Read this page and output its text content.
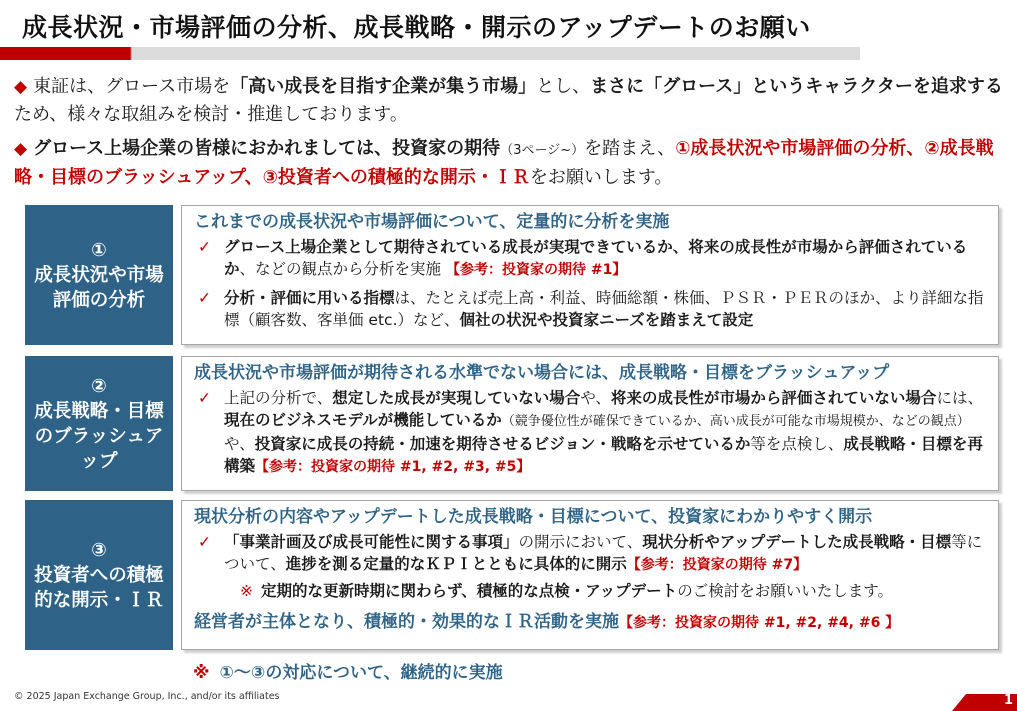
成長状況・市場評価の分析、成長戦略・開示のアップデートのお願い
◆ 東証は、グロース市場を「高い成長を目指す企業が集う市場」とし、まさに「グロース」というキャラクターを追求するため、様々な取組みを検討・推進しております。
◆ グロース上場企業の皆様におかれましては、投資家の期待（3ページ~）を踏まえ、①成長状況や市場評価の分析、②成長戦略・目標のブラッシュアップ、③投資者への積極的な開示・ＩＲをお願いします。
①
成長状況や市場評価の分析
これまでの成長状況や市場評価について、定量的に分析を実施
✓ グロース上場企業として期待されている成長が実現できているか、将来の成長性が市場から評価されているか、などの観点から分析を実施 【参考：投資家の期待 #1】
✓ 分析・評価に用いる指標は、たとえば売上高・利益、時価総額・株価、ＰＳＲ・ＰＥＲのほか、より詳細な指標（顧客数、客単価 etc.）など、個社の状況や投資家ニーズを踏まえて設定
②
成長戦略・目標のブラッシュアップ
成長状況や市場評価が期待される水準でない場合には、成長戦略・目標をブラッシュアップ
✓ 上記の分析で、想定した成長が実現していない場合や、将来の成長性が市場から評価されていない場合には、現在のビジネスモデルが機能しているか（競争優位性が確保できているか、高い成長が可能な市場規模か、などの観点）や、投資家に成長の持続・加速を期待させるビジョン・戦略を示せているか等を点検し、成長戦略・目標を再構築【参考：投資家の期待 #1, #2, #3, #5】
③
投資者への積極的な開示・ＩＲ
現状分析の内容やアップデートした成長戦略・目標について、投資家にわかりやすく開示
✓ 「事業計画及び成長可能性に関する事項」の開示において、現状分析やアップデートした成長戦略・目標等について、進捗を測る定量的なＫＰＩとともに具体的に開示【参考：投資家の期待 #7】
※ 定期的な更新時期に関わらず、積極的な点検・アップデートのご検討をお願いいたします。
経営者が主体となり、積極的・効果的なＩＲ活動を実施【参考：投資家の期待 #1, #2, #4, #6 】
※ ①～③の対応について、継続的に実施
© 2025 Japan Exchange Group, Inc., and/or its affiliates	1
